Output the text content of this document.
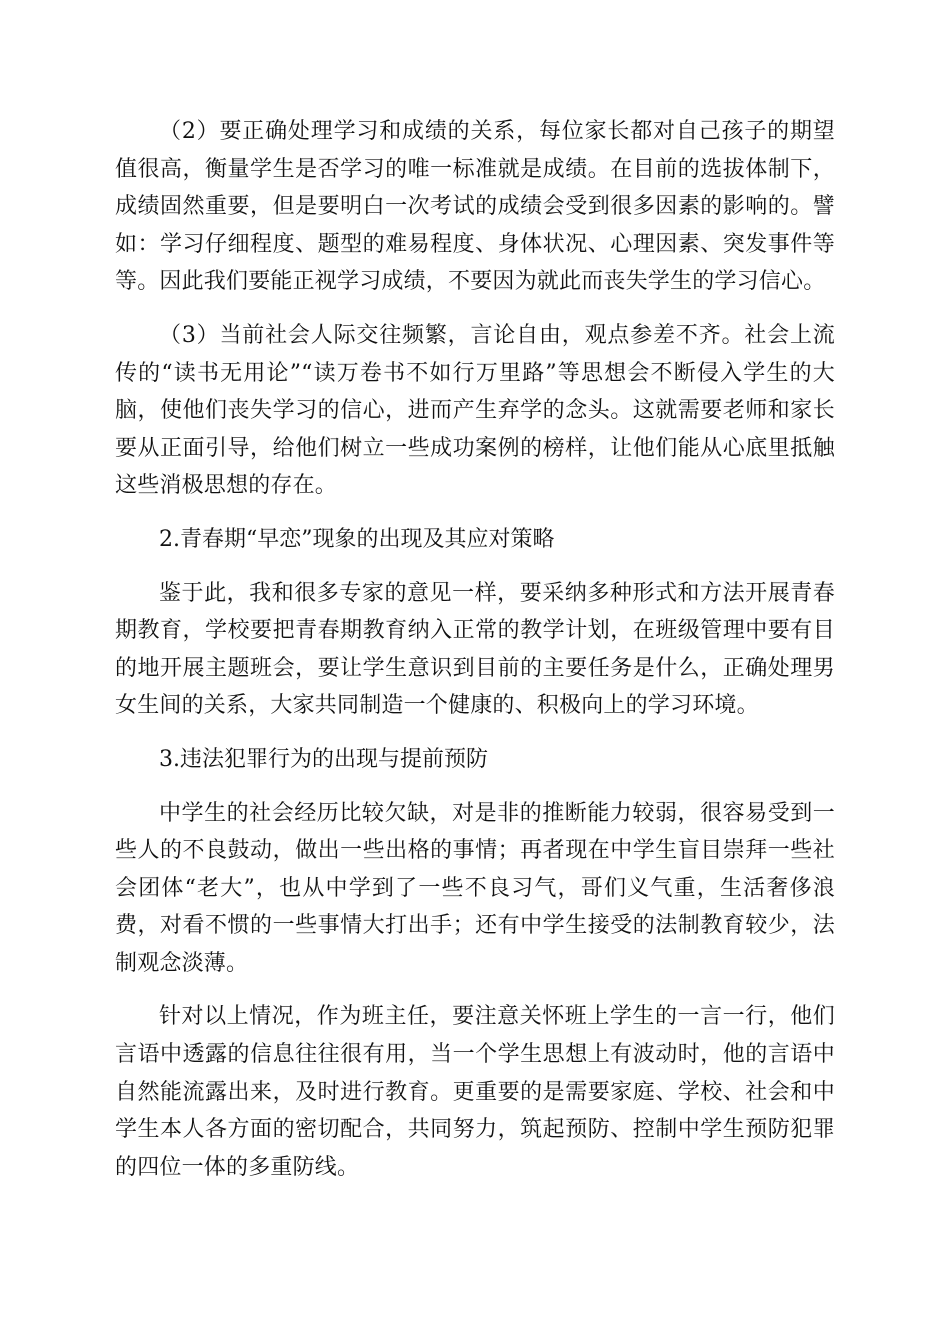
（2）要正确处理学习和成绩的关系，每位家长都对自己孩子的期望值很高，衡量学生是否学习的唯一标准就是成绩。在目前的选拔体制下，成绩固然重要，但是要明白一次考试的成绩会受到很多因素的影响的。譬如：学习仔细程度、题型的难易程度、身体状况、心理因素、突发事件等等。因此我们要能正视学习成绩，不要因为就此而丧失学生的学习信心。

（3）当前社会人际交往频繁，言论自由，观点参差不齐。社会上流传的“读书无用论”“读万卷书不如行万里路”等思想会不断侵入学生的大脑，使他们丧失学习的信心，进而产生弃学的念头。这就需要老师和家长要从正面引导，给他们树立一些成功案例的榜样，让他们能从心底里抵触这些消极思想的存在。

2.青春期“早恋”现象的出现及其应对策略

鉴于此，我和很多专家的意见一样，要采纳多种形式和方法开展青春期教育，学校要把青春期教育纳入正常的教学计划，在班级管理中要有目的地开展主题班会，要让学生意识到目前的主要任务是什么，正确处理男女生间的关系，大家共同制造一个健康的、积极向上的学习环境。

3.违法犯罪行为的出现与提前预防

中学生的社会经历比较欠缺，对是非的推断能力较弱，很容易受到一些人的不良鼓动，做出一些出格的事情；再者现在中学生盲目崇拜一些社会团体“老大”，也从中学到了一些不良习气，哥们义气重，生活奢侈浪费，对看不惯的一些事情大打出手；还有中学生接受的法制教育较少，法制观念淡薄。

针对以上情况，作为班主任，要注意关怀班上学生的一言一行，他们言语中透露的信息往往很有用，当一个学生思想上有波动时，他的言语中自然能流露出来，及时进行教育。更重要的是需要家庭、学校、社会和中学生本人各方面的密切配合，共同努力，筑起预防、控制中学生预防犯罪的四位一体的多重防线。
